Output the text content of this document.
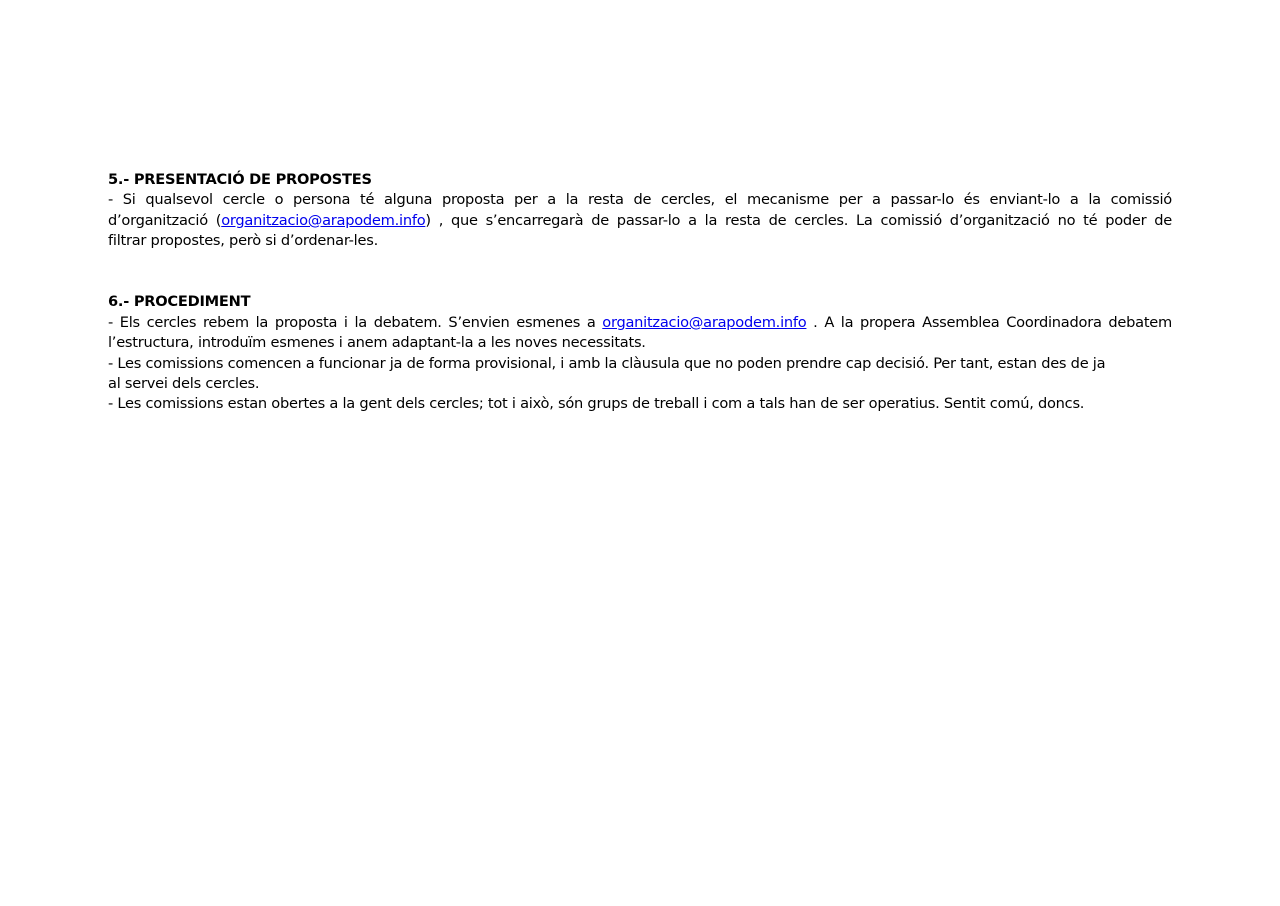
5.- PRESENTACIÓ DE PROPOSTES
- Si qualsevol cercle o persona té alguna proposta per a la resta de cercles, el mecanisme per a passar-lo és enviant-lo a la comissió
d’organització (organitzacio@arapodem.info) , que s’encarregarà de passar-lo a la resta de cercles. La comissió d’organització no té poder de
filtrar propostes, però si d’ordenar-les.
6.- PROCEDIMENT
- Els cercles rebem la proposta i la debatem. S’envien esmenes a organitzacio@arapodem.info . A la propera Assemblea Coordinadora debatem
l’estructura, introduïm esmenes i anem adaptant-la a les noves necessitats.
- Les comissions comencen a funcionar ja de forma provisional, i amb la clàusula que no poden prendre cap decisió. Per tant, estan des de ja
al servei dels cercles.
- Les comissions estan obertes a la gent dels cercles; tot i això, són grups de treball i com a tals han de ser operatius. Sentit comú, doncs.
